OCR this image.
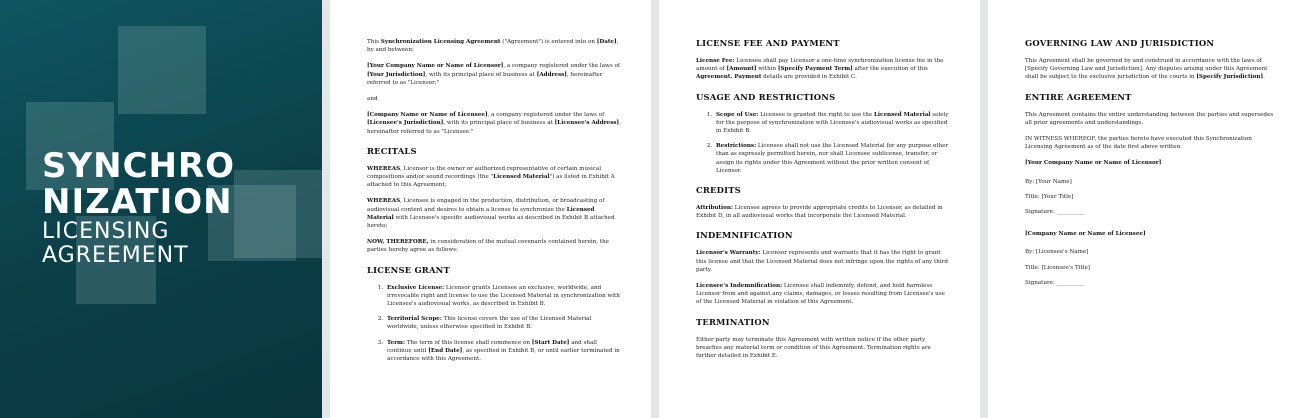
SYNCHRO
NIZATION
LICENSING
AGREEMENT

This Synchronization Licensing Agreement ("Agreement") is entered into on [Date], by and between:

[Your Company Name or Name of Licensor], a company registered under the laws of [Your Jurisdiction], with its principal place of business at [Address], hereinafter referred to as "Licensor;"

and

[Company Name or Name of Licensee], a company registered under the laws of [Licensee's Jurisdiction], with its principal place of business at [Licensee's Address], hereinafter referred to as "Licensee."

RECITALS

WHEREAS, Licensor is the owner or authorized representative of certain musical compositions and/or sound recordings (the "Licensed Material") as listed in Exhibit A attached to this Agreement;

WHEREAS, Licensee is engaged in the production, distribution, or broadcasting of audiovisual content and desires to obtain a license to synchronize the Licensed Material with Licensee's specific audiovisual works as described in Exhibit B attached hereto;

NOW, THEREFORE, in consideration of the mutual covenants contained herein, the parties hereby agree as follows:

LICENSE GRANT
1. Exclusive License: Licensor grants Licensee an exclusive, worldwide, and irrevocable right and license to use the Licensed Material in synchronization with Licensee's audiovisual works, as described in Exhibit B.
2. Territorial Scope: This license covers the use of the Licensed Material worldwide, unless otherwise specified in Exhibit B.
3. Term: The term of this license shall commence on [Start Date] and shall continue until [End Date], as specified in Exhibit B, or until earlier terminated in accordance with this Agreement.
LICENSE FEE AND PAYMENT

License Fee: Licensee shall pay Licensor a one-time synchronization license fee in the amount of [Amount] within [Specify Payment Term] after the execution of this Agreement. Payment details are provided in Exhibit C.

USAGE AND RESTRICTIONS
1. Scope of Use: Licensee is granted the right to use the Licensed Material solely for the purpose of synchronization with Licensee's audiovisual works as specified in Exhibit B.
2. Restrictions: Licensee shall not use the Licensed Material for any purpose other than as expressly permitted herein, nor shall Licensee sublicense, transfer, or assign its rights under this Agreement without the prior written consent of Licensor.
CREDITS

Attribution: Licensee agrees to provide appropriate credits to Licensor, as detailed in Exhibit D, in all audiovisual works that incorporate the Licensed Material.

INDEMNIFICATION

Licensor's Warranty: Licensor represents and warrants that it has the right to grant this license and that the Licensed Material does not infringe upon the rights of any third party.

Licensee's Indemnification: Licensee shall indemnify, defend, and hold harmless Licensor from and against any claims, damages, or losses resulting from Licensee's use of the Licensed Material in violation of this Agreement.

TERMINATION

Either party may terminate this Agreement with written notice if the other party breaches any material term or condition of this Agreement. Termination rights are further detailed in Exhibit E.

GOVERNING LAW AND JURISDICTION

This Agreement shall be governed by and construed in accordance with the laws of [Specify Governing Law and Jurisdiction]. Any disputes arising under this Agreement shall be subject to the exclusive jurisdiction of the courts in [Specify Jurisdiction].

ENTIRE AGREEMENT

This Agreement contains the entire understanding between the parties and supersedes all prior agreements and understandings.

IN WITNESS WHEREOF, the parties hereto have executed this Synchronization Licensing Agreement as of the date first above written.

[Your Company Name or Name of Licensor]

By: [Your Name]

Title: [Your Title]

Signature: __________

[Company Name or Name of Licensee]

By: [Licensee's Name]

Title: [Licensee's Title]

Signature: __________
